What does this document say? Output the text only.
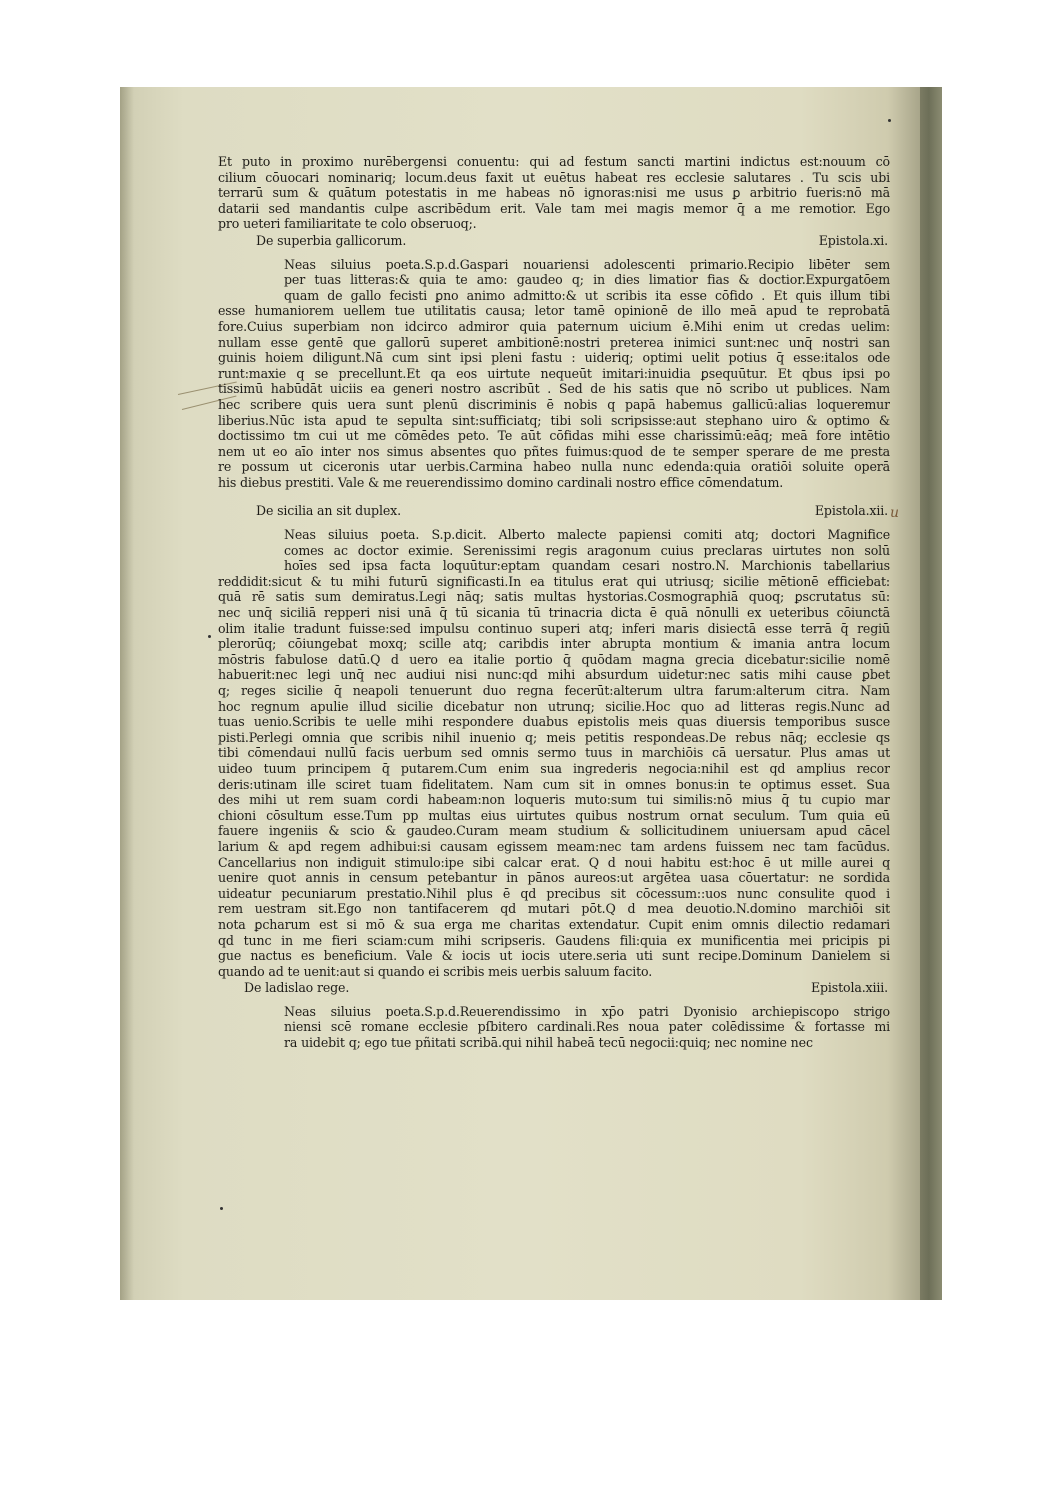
u
Et puto in proximo nurēbergensi conuentu: qui ad festum sancti martini indictus est:nouum cō
cilium cōuocari nominariq; locum.deus faxit ut euētus habeat res ecclesie salutares . Tu scis ubi
terrarū sum & quātum potestatis in me habeas nō ignoras:nisi me usus ꝑ arbitrio fueris:nō mā
datarii sed mandantis culpe ascribēdum erit. Vale tam mei magis memor q̄ a me remotior. Ego
pro ueteri familiaritate te colo obseruoq;.
De superbia gallicorum.	Epistola.xi.
Neas siluius poeta.S.p.d.Gaspari nouariensi adolescenti primario.Recipio libēter sem
per tuas litteras:& quia te amo: gaudeo q; in dies limatior fias & doctior.Expurgatōem
quam de gallo fecisti ꝑno animo admitto:& ut scribis ita esse cōfido . Et quis illum tibi
esse humaniorem uellem tue utilitatis causa; letor tamē opinionē de illo meā apud te reprobatā
fore.Cuius superbiam non idcirco admiror quia paternum uicium ē.Mihi enim ut credas uelim:
nullam esse gentē que gallorū superet ambitionē:nostri preterea inimici sunt:nec unq̄ nostri san
guinis hoiem diligunt.Nā cum sint ipsi pleni fastu : uideriq; optimi uelit potius q̄ esse:italos ode
runt:maxie q se precellunt.Et qa eos uirtute nequeūt imitari:inuidia ꝑsequūtur. Et qbus ipsi po
tissimū habūdāt uiciis ea generi nostro ascribūt . Sed de his satis que nō scribo ut publices. Nam
hec scribere quis uera sunt plenū discriminis ē nobis q papā habemus gallicū:alias loqueremur
liberius.Nūc ista apud te sepulta sint:sufficiatq; tibi soli scripsisse:aut stephano uiro & optimo &
doctissimo tm cui ut me cōmēdes peto. Te aūt cōfidas mihi esse charissimū:eāq; meā fore intētio
nem ut eo aīo inter nos simus absentes quo pñtes fuimus:quod de te semper sperare de me presta
re possum ut ciceronis utar uerbis.Carmina habeo nulla nunc edenda:quia oratiōi soluite operā
his diebus prestiti. Vale & me reuerendissimo domino cardinali nostro effice cōmendatum.
De sicilia an sit duplex.	Epistola.xii.
Neas siluius poeta. S.p.dicit. Alberto malecte papiensi comiti atq; doctori Magnifice
comes ac doctor eximie. Serenissimi regis aragonum cuius preclaras uirtutes non solū
hoīes sed ipsa facta loquūtur:eptam quandam cesari nostro.N. Marchionis tabellarius
reddidit:sicut & tu mihi futurū significasti.In ea titulus erat qui utriusq; sicilie mētionē efficiebat:
quā rē satis sum demiratus.Legi nāq; satis multas hystorias.Cosmographiā quoq; ꝑscrutatus sū:
nec unq̄ siciliā repperi nisi unā q̄ tū sicania tū trinacria dicta ē quā nōnulli ex ueteribus cōiunctā
olim italie tradunt fuisse:sed impulsu continuo superi atq; inferi maris disiectā esse terrā q̄ regiū
plerorūq; cōiungebat moxq; scille atq; caribdis inter abrupta montium & imania antra locum
mōstris fabulose datū.Q d uero ea italie portio q̄ quōdam magna grecia dicebatur:sicilie nomē
habuerit:nec legi unq̄ nec audiui nisi nunc:qd mihi absurdum uidetur:nec satis mihi cause ꝑbet
q; reges sicilie q̄ neapoli tenuerunt duo regna fecerūt:alterum ultra farum:alterum citra. Nam
hoc regnum apulie illud sicilie dicebatur non utrunq; sicilie.Hoc quo ad litteras regis.Nunc ad
tuas uenio.Scribis te uelle mihi respondere duabus epistolis meis quas diuersis temporibus susce
pisti.Perlegi omnia que scribis nihil inuenio q; meis petitis respondeas.De rebus nāq; ecclesie qs
tibi cōmendaui nullū facis uerbum sed omnis sermo tuus in marchiōis cā uersatur. Plus amas ut
uideo tuum principem q̄ putarem.Cum enim sua ingrederis negocia:nihil est qd amplius recor
deris:utinam ille sciret tuam fidelitatem. Nam cum sit in omnes bonus:in te optimus esset. Sua
des mihi ut rem suam cordi habeam:non loqueris muto:sum tui similis:nō mius q̄ tu cupio mar
chioni cōsultum esse.Tum pp multas eius uirtutes quibus nostrum ornat seculum. Tum quia eū
fauere ingeniis & scio & gaudeo.Curam meam studium & sollicitudinem uniuersam apud cācel
larium & apd regem adhibui:si causam egissem meam:nec tam ardens fuissem nec tam facūdus.
Cancellarius non indiguit stimulo:ipe sibi calcar erat. Q d noui habitu est:hoc ē ut mille aurei q
uenire quot annis in censum petebantur in pānos aureos:ut argētea uasa cōuertatur: ne sordida
uideatur pecuniarum prestatio.Nihil plus ē qd precibus sit cōcessum::uos nunc consulite quod i
rem uestram sit.Ego non tantifacerem qd mutari pōt.Q d mea deuotio.N.domino marchiōi sit
nota ꝑcharum est si mō & sua erga me charitas extendatur. Cupit enim omnis dilectio redamari
qd tunc in me fieri sciam:cum mihi scripseris. Gaudens fili:quia ex munificentia mei pricipis pi
gue nactus es beneficium. Vale & iocis ut iocis utere.seria uti sunt recipe.Dominum Danielem si
quando ad te uenit:aut si quando ei scribis meis uerbis saluum facito.
De ladislao rege.	Epistola.xiii.
Neas siluius poeta.S.p.d.Reuerendissimo in xp̄o patri Dyonisio archiepiscopo strigo
niensi scē romane ecclesie pſbitero cardinali.Res noua pater colēdissime & fortasse mi
ra uidebit q; ego tue pñitati scribā.qui nihil habeā tecū negocii:quiq; nec nomine nec
